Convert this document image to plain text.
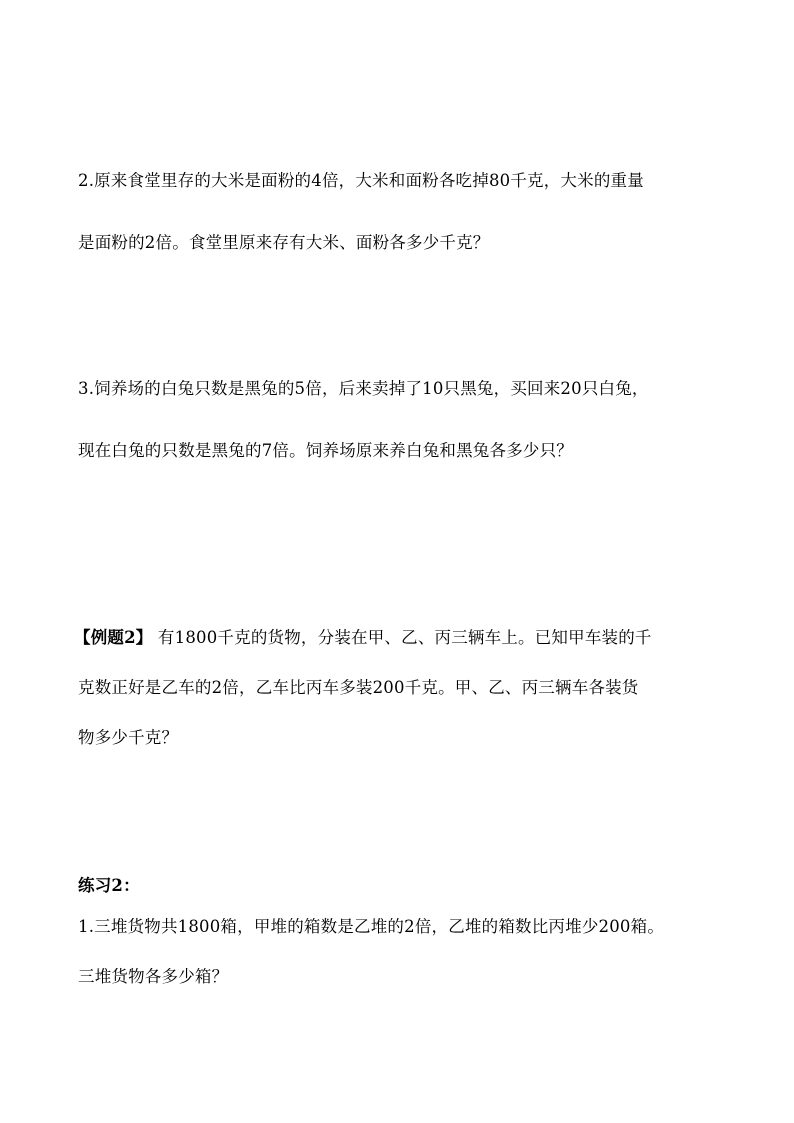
2.原来食堂里存的大米是面粉的4倍，大米和面粉各吃掉80千克，大米的重量
是面粉的2倍。食堂里原来存有大米、面粉各多少千克？
3.饲养场的白兔只数是黑兔的5倍，后来卖掉了10只黑兔，买回来20只白兔，
现在白兔的只数是黑兔的7倍。饲养场原来养白兔和黑兔各多少只？
【例题2】 有1800千克的货物，分装在甲、乙、丙三辆车上。已知甲车装的千
克数正好是乙车的2倍，乙车比丙车多装200千克。甲、乙、丙三辆车各装货
物多少千克？
练习2：
1.三堆货物共1800箱，甲堆的箱数是乙堆的2倍，乙堆的箱数比丙堆少200箱。
三堆货物各多少箱？
